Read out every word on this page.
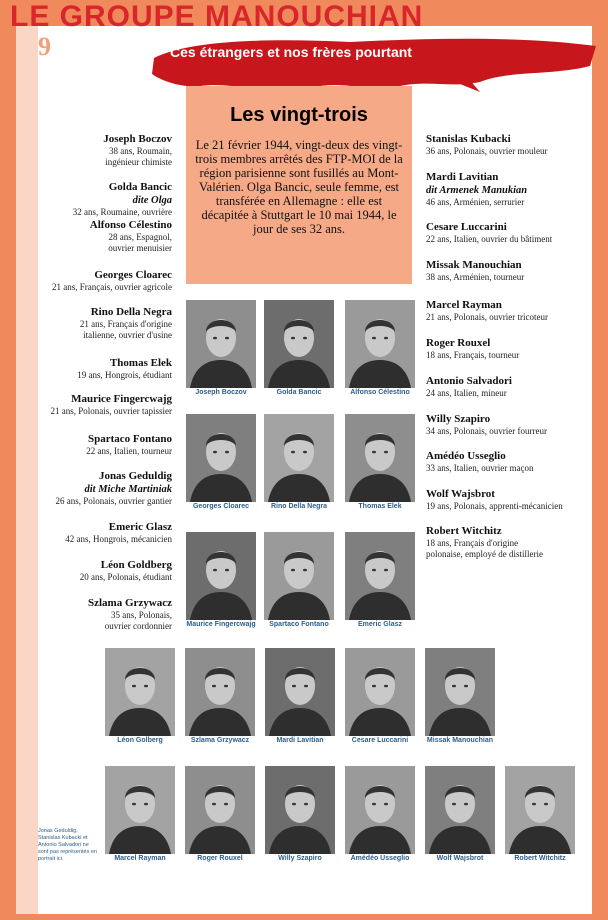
LE GROUPE MANOUCHIAN
9	Ces étrangers et nos frères pourtant
Les vingt-trois

Le 21 février 1944, vingt-deux des vingt-trois membres arrêtés des FTP-MOI de la région parisienne sont fusillés au Mont-Valérien. Olga Bancic, seule femme, est transférée en Allemagne : elle est décapitée à Stuttgart le 10 mai 1944, le jour de ses 32 ans.

Joseph Boczov
38 ans, Roumain,
ingénieur chimiste
Golda Bancic
dite Olga
32 ans, Roumaine, ouvrière
Alfonso Célestino
28 ans, Espagnol,
ouvrier menuisier
Georges Cloarec
21 ans, Français, ouvrier agricole
Rino Della Negra
21 ans, Français d'origine
italienne, ouvrier d'usine
Thomas Elek
19 ans, Hongrois, étudiant
Maurice Fingercwajg
21 ans, Polonais, ouvrier tapissier
Spartaco Fontano
22 ans, Italien, tourneur
Jonas Geduldig
dit Miche Martiniak
26 ans, Polonais, ouvrier gantier
Emeric Glasz
42 ans, Hongrois, mécanicien
Léon Goldberg
20 ans, Polonais, étudiant
Szlama Grzywacz
35 ans, Polonais,
ouvrier cordonnier
Stanislas Kubacki
36 ans, Polonais, ouvrier mouleur
Mardi Lavitian
dit Armenek Manukian
46 ans, Arménien, serrurier
Cesare Luccarini
22 ans, Italien, ouvrier du bâtiment
Missak Manouchian
38 ans, Arménien, tourneur
Marcel Rayman
21 ans, Polonais, ouvrier tricoteur
Roger Rouxel
18 ans, Français, tourneur
Antonio Salvadori
24 ans, Italien, mineur
Willy Szapiro
34 ans, Polonais, ouvrier fourreur
Amédéo Usseglio
33 ans, Italien, ouvrier maçon
Wolf Wajsbrot
19 ans, Polonais, apprenti-mécanicien
Robert Witchitz
18 ans, Français d'origine
polonaise, employé de distillerie
Joseph Boczov	Golda Bancic	Alfonso Célestino
Georges Cloarec	Rino Della Negra	Thomas Elek
Maurice Fingercwajg	Spartaco Fontano	Emeric Glasz
Léon Golberg	Szlama Grzywacz	Mardi Lavitian	Cesare Luccarini	Missak Manouchian
Marcel Rayman	Roger Rouxel	Willy Szapiro	Amédéo Usseglio	Wolf Wajsbrot	Robert Witchitz
Jonas Geduldig, Stanislas Kubacki et Antonio Salvadori ne sont pas représentés en portrait ici.
IVRY
VILLE
